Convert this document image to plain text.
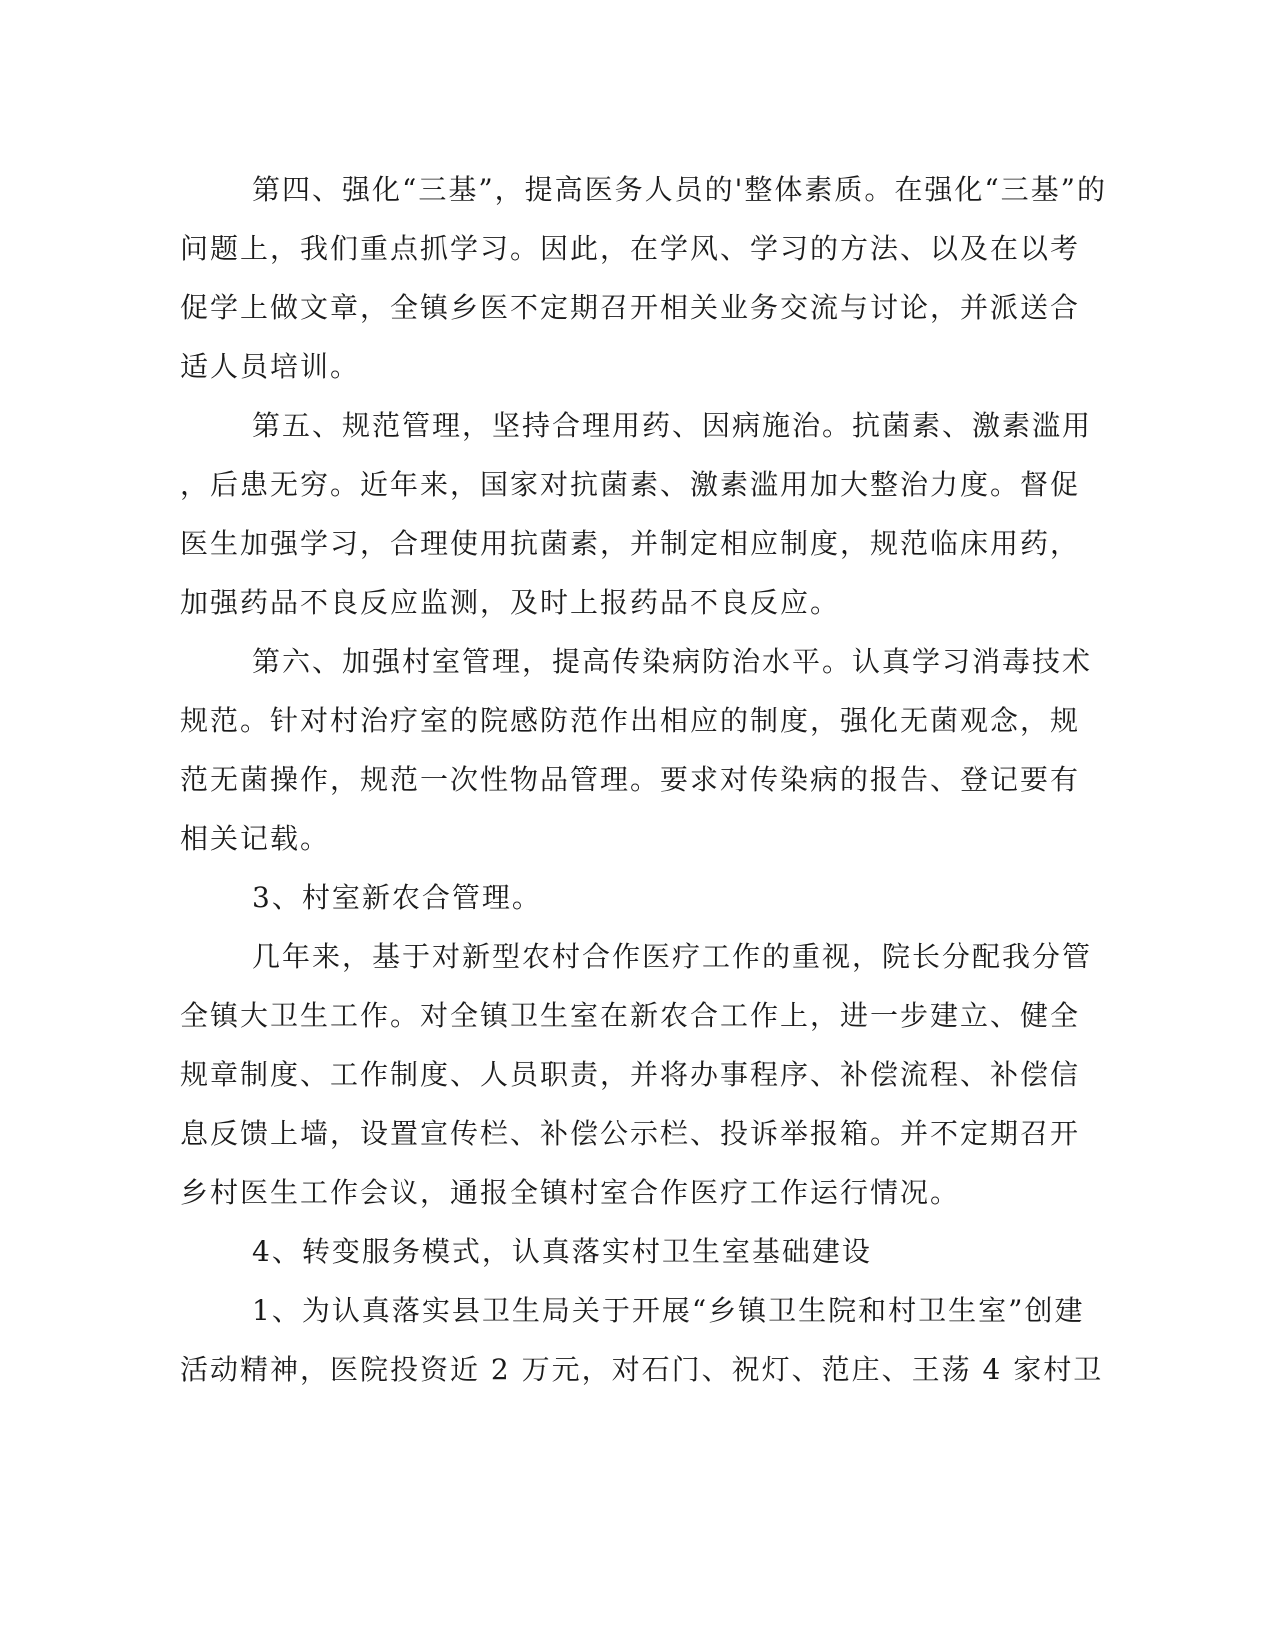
第四、强化“三基”，提高医务人员的'整体素质。在强化“三基”的
问题上，我们重点抓学习。因此，在学风、学习的方法、以及在以考
促学上做文章，全镇乡医不定期召开相关业务交流与讨论，并派送合
适人员培训。
第五、规范管理，坚持合理用药、因病施治。抗菌素、激素滥用
，后患无穷。近年来，国家对抗菌素、激素滥用加大整治力度。督促
医生加强学习，合理使用抗菌素，并制定相应制度，规范临床用药，
加强药品不良反应监测，及时上报药品不良反应。
第六、加强村室管理，提高传染病防治水平。认真学习消毒技术
规范。针对村治疗室的院感防范作出相应的制度，强化无菌观念，规
范无菌操作，规范一次性物品管理。要求对传染病的报告、登记要有
相关记载。
3、村室新农合管理。
几年来，基于对新型农村合作医疗工作的重视，院长分配我分管
全镇大卫生工作。对全镇卫生室在新农合工作上，进一步建立、健全
规章制度、工作制度、人员职责，并将办事程序、补偿流程、补偿信
息反馈上墙，设置宣传栏、补偿公示栏、投诉举报箱。并不定期召开
乡村医生工作会议，通报全镇村室合作医疗工作运行情况。
4、转变服务模式，认真落实村卫生室基础建设
1、为认真落实县卫生局关于开展“乡镇卫生院和村卫生室”创建
活动精神，医院投资近 2 万元，对石门、祝灯、范庄、王荡 4 家村卫
